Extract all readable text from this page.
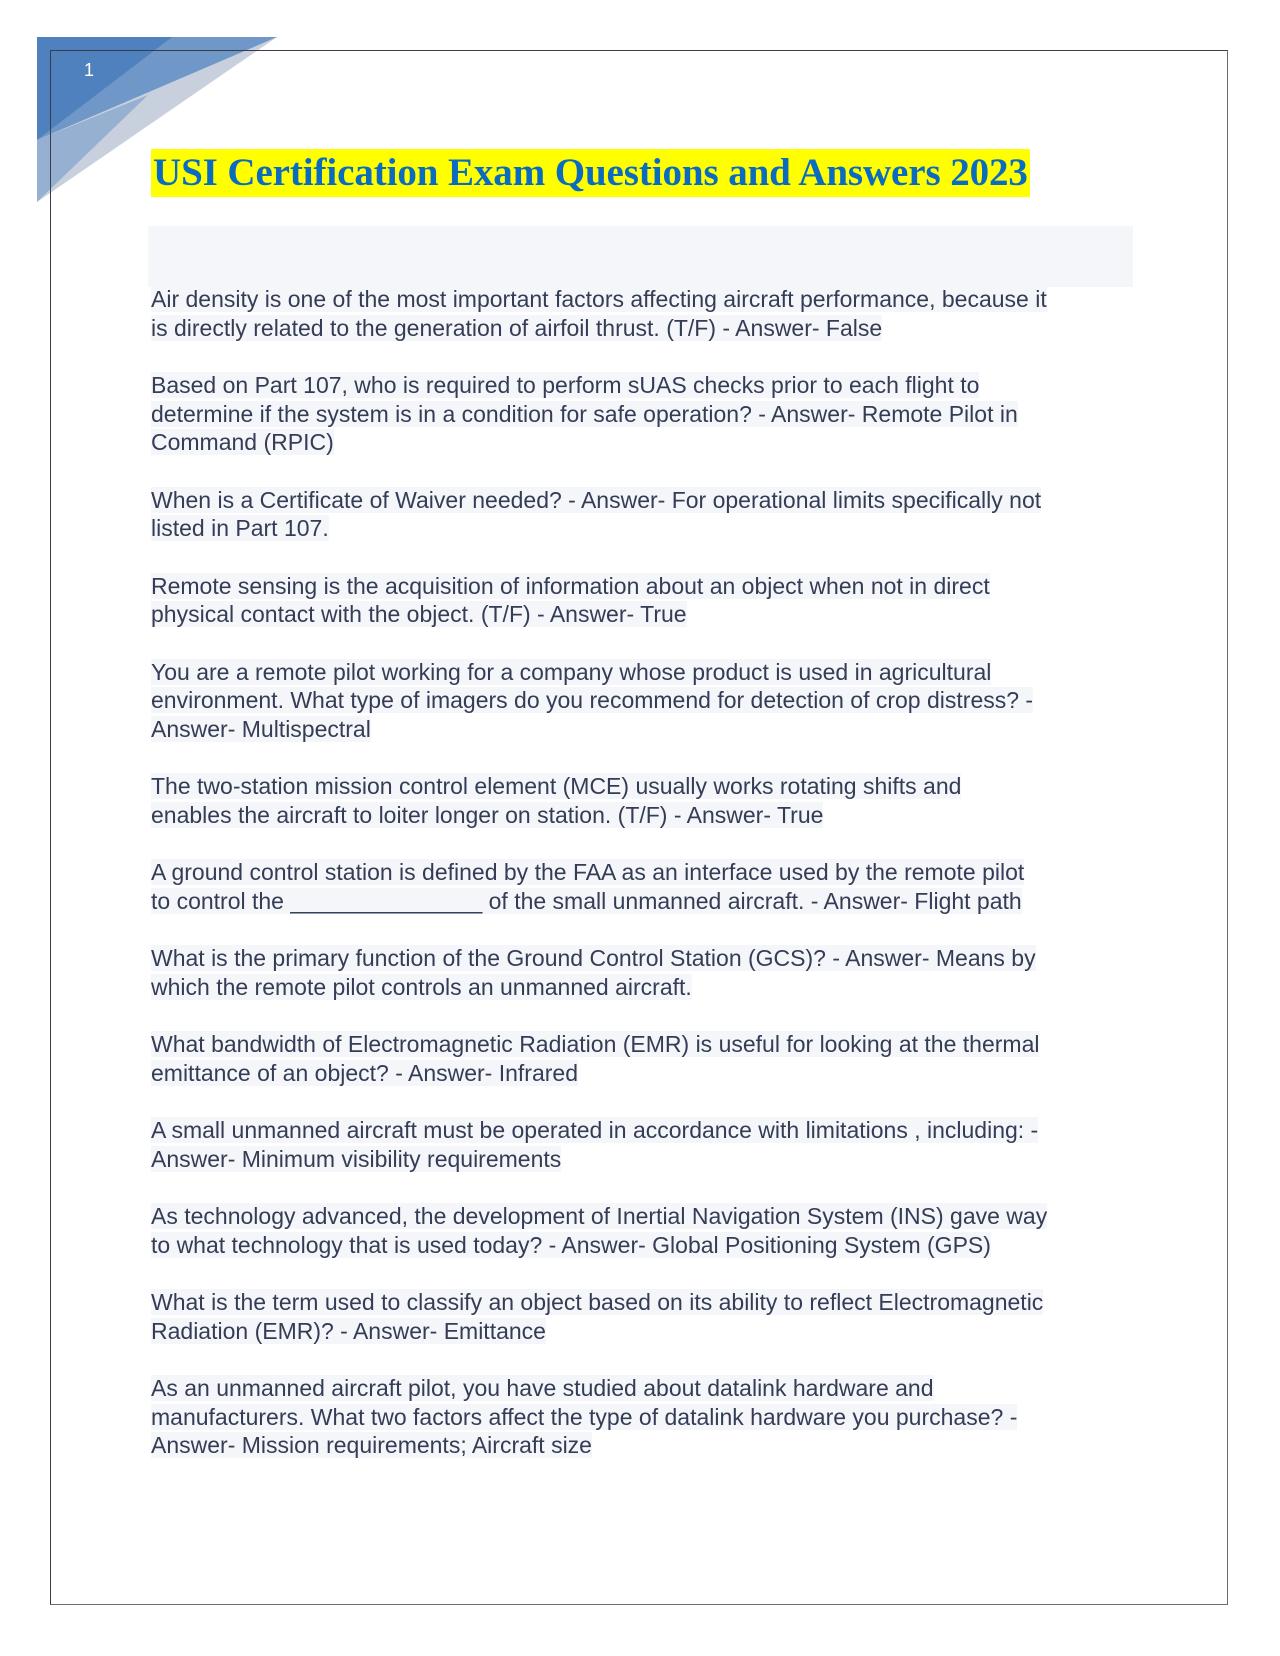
1
USI Certification Exam Questions and Answers 2023

Air density is one of the most important factors affecting aircraft performance, because it
is directly related to the generation of airfoil thrust. (T/F) - Answer- False

Based on Part 107, who is required to perform sUAS checks prior to each flight to
determine if the system is in a condition for safe operation? - Answer- Remote Pilot in
Command (RPIC)

When is a Certificate of Waiver needed? - Answer- For operational limits specifically not
listed in Part 107.

Remote sensing is the acquisition of information about an object when not in direct
physical contact with the object. (T/F) - Answer- True

You are a remote pilot working for a company whose product is used in agricultural
environment. What type of imagers do you recommend for detection of crop distress? -
Answer- Multispectral

The two-station mission control element (MCE) usually works rotating shifts and
enables the aircraft to loiter longer on station. (T/F) - Answer- True

A ground control station is defined by the FAA as an interface used by the remote pilot
to control the _______________ of the small unmanned aircraft. - Answer- Flight path

What is the primary function of the Ground Control Station (GCS)? - Answer- Means by
which the remote pilot controls an unmanned aircraft.

What bandwidth of Electromagnetic Radiation (EMR) is useful for looking at the thermal
emittance of an object? - Answer- Infrared

A small unmanned aircraft must be operated in accordance with limitations , including: -
Answer- Minimum visibility requirements

As technology advanced, the development of Inertial Navigation System (INS) gave way
to what technology that is used today? - Answer- Global Positioning System (GPS)

What is the term used to classify an object based on its ability to reflect Electromagnetic
Radiation (EMR)? - Answer- Emittance

As an unmanned aircraft pilot, you have studied about datalink hardware and
manufacturers. What two factors affect the type of datalink hardware you purchase? -
Answer- Mission requirements; Aircraft size
